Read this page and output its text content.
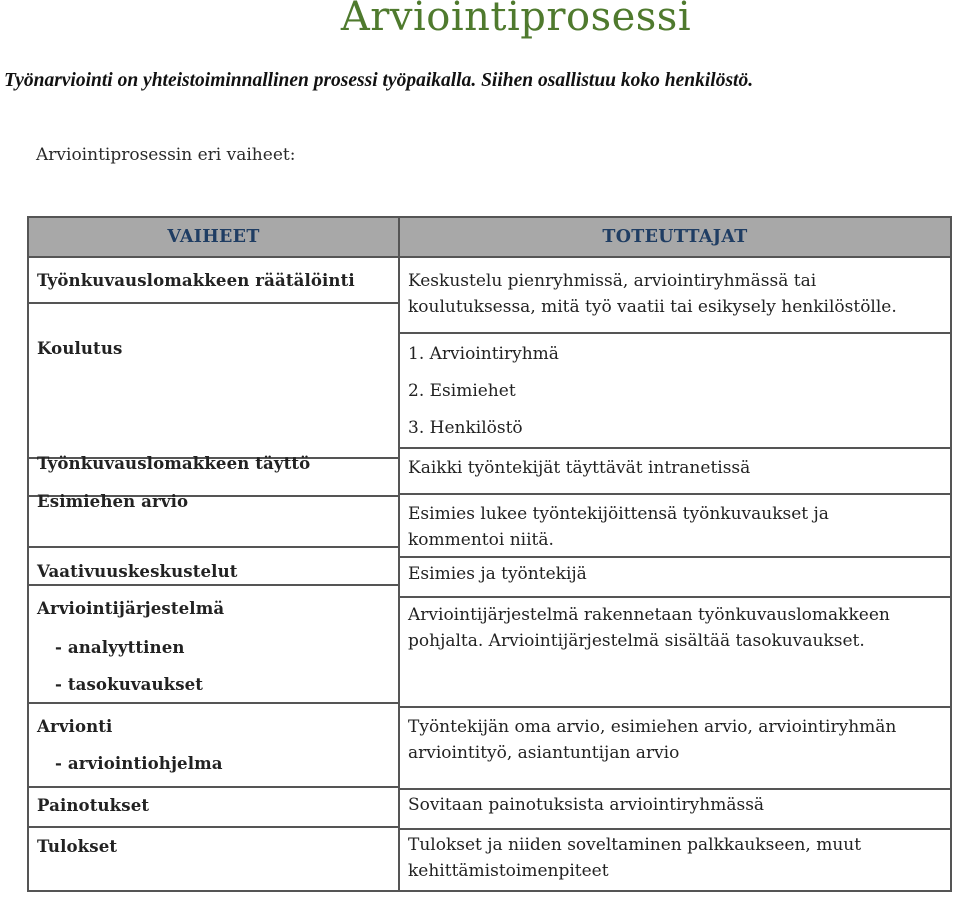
Arviointiprosessi
Työnarviointi on yhteistoiminnallinen prosessi työpaikalla. Siihen osallistuu koko henkilöstö.
Arviointiprosessin eri vaiheet:
VAIHEET
Työnkuvauslomakkeen räätälöinti
Koulutus
Työnkuvauslomakkeen täyttö
Esimiehen arvio
Vaativuuskeskustelut
Arviointijärjestelmä
- analyyttinen
- tasokuvaukset
Arvionti
- arviointiohjelma
Painotukset
Tulokset
TOTEUTTAJAT
Keskustelu pienryhmissä, arviointiryhmässä tai
koulutuksessa, mitä työ vaatii tai esikysely henkilöstölle.
1. Arviointiryhmä
2. Esimiehet
3. Henkilöstö
Kaikki työntekijät täyttävät intranetissä
Esimies lukee työntekijöittensä työnkuvaukset ja
kommentoi niitä.
Esimies ja työntekijä
Arviointijärjestelmä rakennetaan työnkuvauslomakkeen
pohjalta. Arviointijärjestelmä sisältää tasokuvaukset.
Työntekijän oma arvio, esimiehen arvio, arviointiryhmän
arviointityö, asiantuntijan arvio
Sovitaan painotuksista arviointiryhmässä
Tulokset ja niiden soveltaminen palkkaukseen, muut
kehittämistoimenpiteet
